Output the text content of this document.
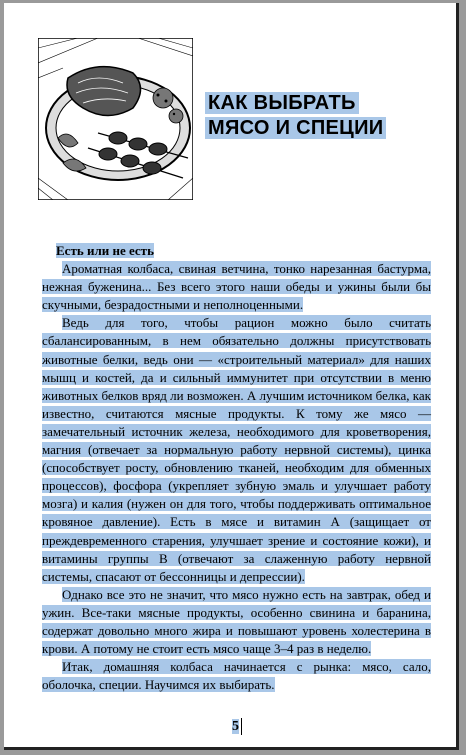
КАК ВЫБРАТЬ
МЯСО И СПЕЦИИ

Есть или не есть

Ароматная колбаса, свиная ветчина, тонко нарезанная бастурма, нежная буженина... Без всего этого наши обеды и ужины были бы скучными, безрадостными и неполноценными.

Ведь для того, чтобы рацион можно было считать сбалансированным, в нем обязательно должны присутствовать животные белки, ведь они — «строительный материал» для наших мышц и костей, да и сильный иммунитет при отсутствии в меню животных белков вряд ли возможен. А лучшим источником белка, как известно, считаются мясные продукты. К тому же мясо — замечательный источник железа, необходимого для кроветворения, магния (отвечает за нормальную работу нервной системы), цинка (способствует росту, обновлению тканей, необходим для обменных процессов), фосфора (укрепляет зубную эмаль и улучшает работу мозга) и калия (нужен он для того, чтобы поддерживать оптимальное кровяное давление). Есть в мясе и витамин А (защищает от преждевременного старения, улучшает зрение и состояние кожи), и витамины группы В (отвечают за слаженную работу нервной системы, спасают от бессонницы и депрессии).

Однако все это не значит, что мясо нужно есть на завтрак, обед и ужин. Все-таки мясные продукты, особенно свинина и баранина, содержат довольно много жира и повышают уровень холестерина в крови. А потому не стоит есть мясо чаще 3–4 раз в неделю.

Итак, домашняя колбаса начинается с рынка: мясо, сало, оболочка, специи. Научимся их выбирать.

5
